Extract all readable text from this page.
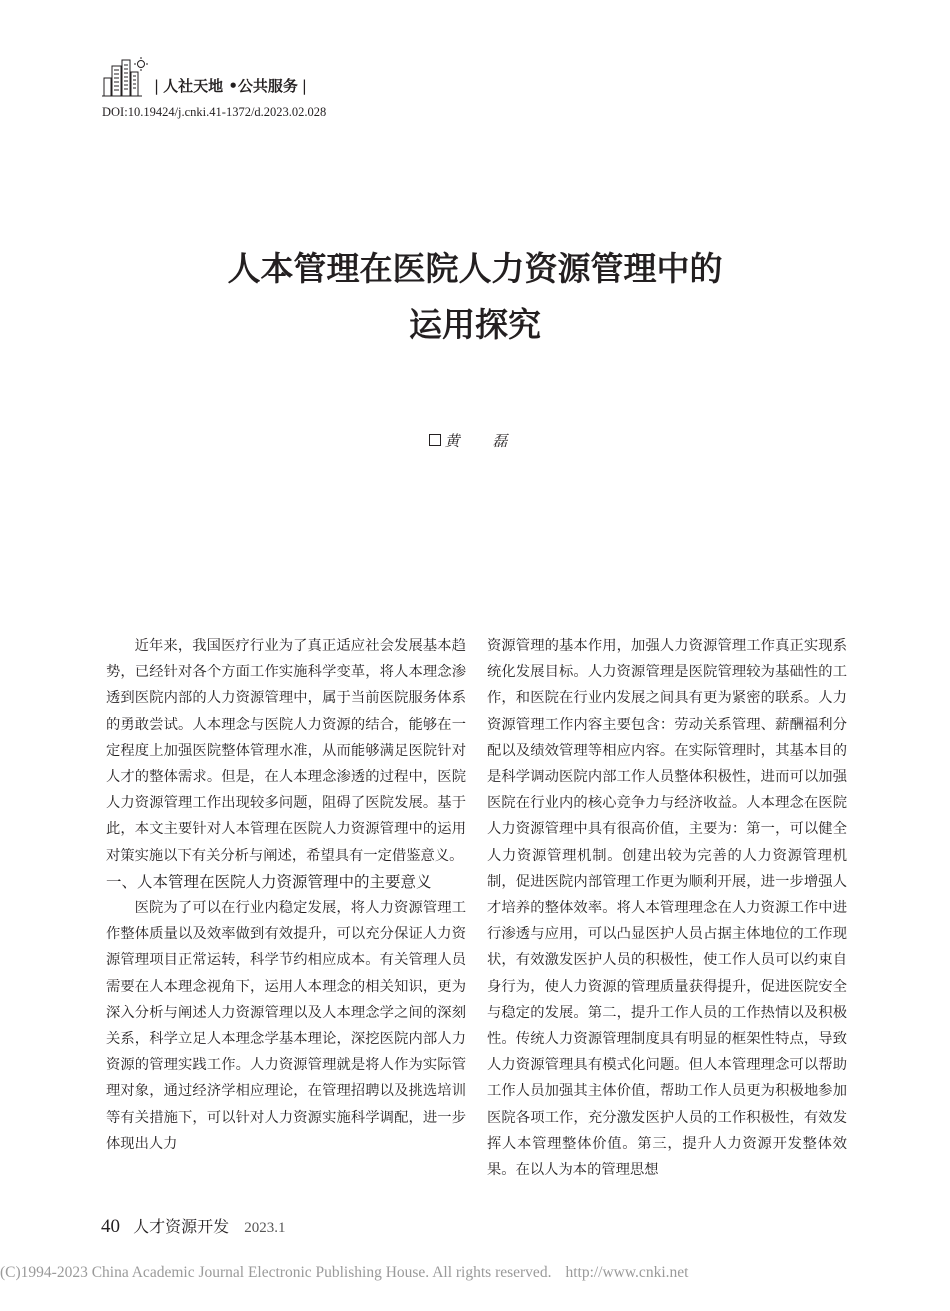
| 人社天地 •公共服务 |
DOI:10.19424/j.cnki.41-1372/d.2023.02.028
人本管理在医院人力资源管理中的
运用探究
黄 磊

近年来，我国医疗行业为了真正适应社会发展基本趋势，已经针对各个方面工作实施科学变革，将人本理念渗透到医院内部的人力资源管理中，属于当前医院服务体系的勇敢尝试。人本理念与医院人力资源的结合，能够在一定程度上加强医院整体管理水准，从而能够满足医院针对人才的整体需求。但是，在人本理念渗透的过程中，医院人力资源管理工作出现较多问题，阻碍了医院发展。基于此，本文主要针对人本管理在医院人力资源管理中的运用对策实施以下有关分析与阐述，希望具有一定借鉴意义。

一、人本管理在医院人力资源管理中的主要意义

医院为了可以在行业内稳定发展，将人力资源管理工作整体质量以及效率做到有效提升，可以充分保证人力资源管理项目正常运转，科学节约相应成本。有关管理人员需要在人本理念视角下，运用人本理念的相关知识，更为深入分析与阐述人力资源管理以及人本理念学之间的深刻关系，科学立足人本理念学基本理论，深挖医院内部人力资源的管理实践工作。人力资源管理就是将人作为实际管理对象，通过经济学相应理论，在管理招聘以及挑选培训等有关措施下，可以针对人力资源实施科学调配，进一步体现出人力

资源管理的基本作用，加强人力资源管理工作真正实现系统化发展目标。人力资源管理是医院管理较为基础性的工作，和医院在行业内发展之间具有更为紧密的联系。人力资源管理工作内容主要包含：劳动关系管理、薪酬福利分配以及绩效管理等相应内容。在实际管理时，其基本目的是科学调动医院内部工作人员整体积极性，进而可以加强医院在行业内的核心竞争力与经济收益。人本理念在医院人力资源管理中具有很高价值，主要为：第一，可以健全人力资源管理机制。创建出较为完善的人力资源管理机制，促进医院内部管理工作更为顺利开展，进一步增强人才培养的整体效率。将人本管理理念在人力资源工作中进行渗透与应用，可以凸显医护人员占据主体地位的工作现状，有效激发医护人员的积极性，使工作人员可以约束自身行为，使人力资源的管理质量获得提升，促进医院安全与稳定的发展。第二，提升工作人员的工作热情以及积极性。传统人力资源管理制度具有明显的框架性特点，导致人力资源管理具有模式化问题。但人本管理理念可以帮助工作人员加强其主体价值，帮助工作人员更为积极地参加医院各项工作，充分激发医护人员的工作积极性，有效发挥人本管理整体价值。第三，提升人力资源开发整体效果。在以人为本的管理思想

40 人才资源开发 2023.1
(C)1994-2023 China Academic Journal Electronic Publishing House. All rights reserved. http://www.cnki.net
